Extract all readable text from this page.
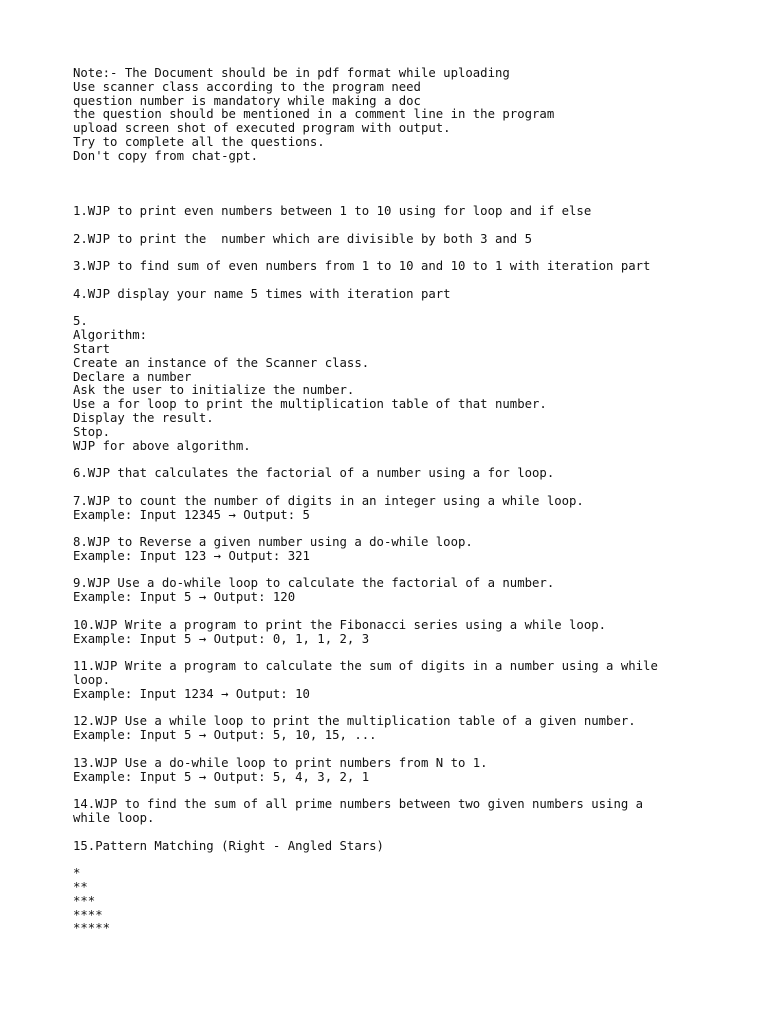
Note:- The Document should be in pdf format while uploading
Use scanner class according to the program need
question number is mandatory while making a doc
the question should be mentioned in a comment line in the program
upload screen shot of executed program with output.
Try to complete all the questions.
Don't copy from chat-gpt.
1.WJP to print even numbers between 1 to 10 using for loop and if else
2.WJP to print the  number which are divisible by both 3 and 5
3.WJP to find sum of even numbers from 1 to 10 and 10 to 1 with iteration part
4.WJP display your name 5 times with iteration part
5.
Algorithm:
Start
Create an instance of the Scanner class.
Declare a number
Ask the user to initialize the number.
Use a for loop to print the multiplication table of that number.
Display the result.
Stop.
WJP for above algorithm.
6.WJP that calculates the factorial of a number using a for loop.
7.WJP to count the number of digits in an integer using a while loop.
Example: Input 12345 → Output: 5
8.WJP to Reverse a given number using a do-while loop.
Example: Input 123 → Output: 321
9.WJP Use a do-while loop to calculate the factorial of a number.
Example: Input 5 → Output: 120
10.WJP Write a program to print the Fibonacci series using a while loop.
Example: Input 5 → Output: 0, 1, 1, 2, 3
11.WJP Write a program to calculate the sum of digits in a number using a while
loop.
Example: Input 1234 → Output: 10
12.WJP Use a while loop to print the multiplication table of a given number.
Example: Input 5 → Output: 5, 10, 15, ...
13.WJP Use a do-while loop to print numbers from N to 1.
Example: Input 5 → Output: 5, 4, 3, 2, 1
14.WJP to find the sum of all prime numbers between two given numbers using a
while loop.
15.Pattern Matching (Right - Angled Stars)
*
**
***
****
*****
